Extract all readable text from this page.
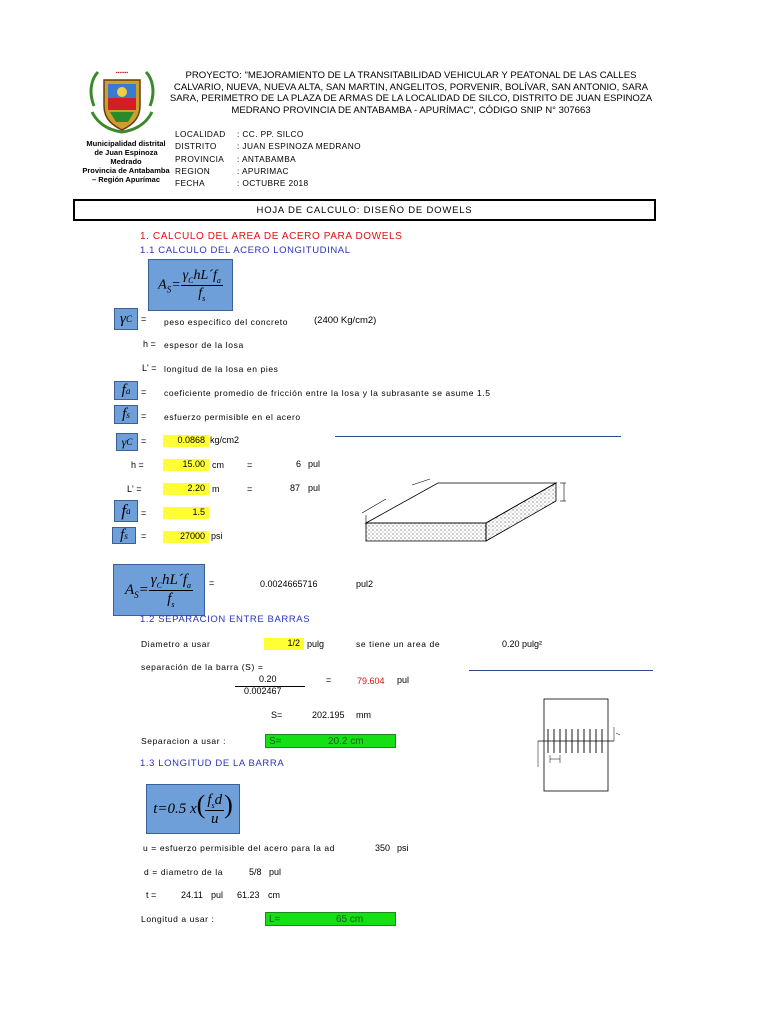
▪▪▪▪▪▪▪
Municipalidad distrital
de Juan Espinoza
Medrado
Provincia de Antabamba
– Región Apurímac
PROYECTO: "MEJORAMIENTO DE LA TRANSITABILIDAD VEHICULAR Y PEATONAL DE LAS CALLES CALVARIO, NUEVA, NUEVA ALTA, SAN MARTIN, ANGELITOS, PORVENIR, BOLÍVAR, SAN ANTONIO, SARA SARA, PERIMETRO DE LA PLAZA DE ARMAS DE LA LOCALIDAD DE SILCO, DISTRITO DE JUAN ESPINOZA MEDRANO PROVINCIA DE ANTABAMBA - APURÍMAC", CÓDIGO SNIP N° 307663
LOCALIDAD	: CC. PP. SILCO
DISTRITO	: JUAN ESPINOZA MEDRANO
PROVINCIA	: ANTABAMBA
REGION	: APURIMAC
FECHA	: OCTUBRE 2018
HOJA DE CALCULO: DISEÑO DE DOWELS
1. CALCULO DEL AREA DE ACERO PARA DOWELS
1.1 CALCULO DEL ACERO LONGITUDINAL
$A_S= \frac{\gamma_ChL´f_a}{f_s}$
γ C = peso especifico del concreto	(2400 Kg/cm2)
h = espesor de la losa
L' = longitud de la losa en pies
f a = coeficiente promedio de fricción entre la losa y la subrasante se asume 1.5
f s = esfuerzo permisible en el acero
γ C =	0.0868 kg/cm2
h =	15.00 cm	=	6 pul
L' =	2.20 m	=	87 pul
f a =	1.5
f s =	27000 psi
$A_S= \frac{\gamma_ChL´f_a}{f_s}$ =	0.0024665716	pul2
1.2 SEPARACION ENTRE BARRAS
Diametro a usar	1/2 pulg	se tiene un area de	0.20 pulg²
separación de la barra (S) =
0.20
0.002467
=	79.604 pul
S=	202.195 mm
Separacion a usar :	S=	20.2 cm
1.3 LONGITUD DE LA BARRA
t=0.5 $x( \frac{f_sd}{u}$ )
u = esfuerzo permisible del acero para la ad	350 psi
d = diametro de la	5/8 pul
t =	24.11 pul 61.23 cm
Longitud a usar :	L=	65 cm
